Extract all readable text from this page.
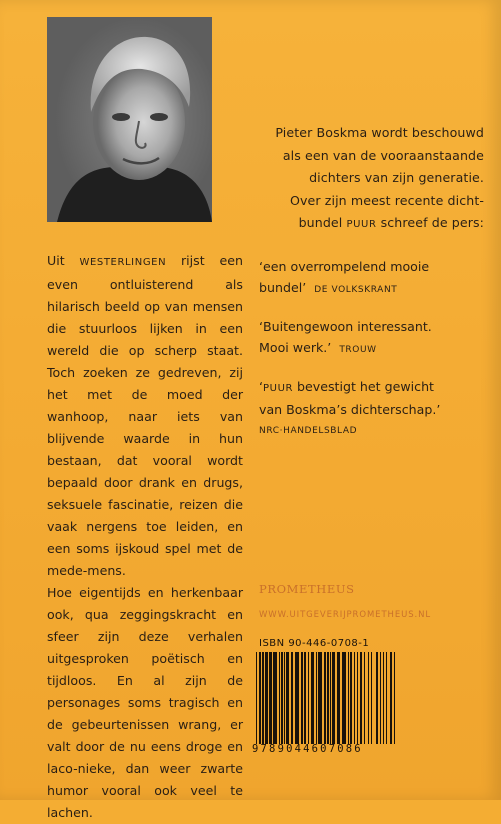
Pieter Boskma wordt beschouwd

als een van de vooraanstaande

dichters van zijn generatie.

Over zijn meest recente dicht-

bundel PUUR schreef de pers:

‘een overrompelend mooie
bundel’ DE VOLKSKRANT
‘Buitengewoon interessant.
Mooi werk.’ TROUW
‘PUUR bevestigt het gewicht
van Boskma’s dichterschap.’

NRC·HANDELSBLAD

Uit WESTERLINGEN rijst een even ontluisterend als hilarisch beeld op van mensen die stuurloos lijken in een wereld die op scherp staat. Toch zoeken ze gedreven, zij het met de moed der wanhoop, naar iets van blijvende waarde in hun bestaan, dat vooral wordt bepaald door drank en drugs, seksuele fascinatie, reizen die vaak nergens toe leiden, en een soms ijskoud spel met de mede-mens.

Hoe eigentijds en herkenbaar ook, qua zeggingskracht en sfeer zijn deze verhalen uitgesproken poëtisch en tijdloos. En al zijn de personages soms tragisch en de gebeurtenissen wrang, er valt door de nu eens droge en laco-nieke, dan weer zwarte humor vooral ook veel te lachen.

PROMETHEUS
WWW.UITGEVERIJPROMETHEUS.NL
ISBN 90-446-0708-1
9789044607086
